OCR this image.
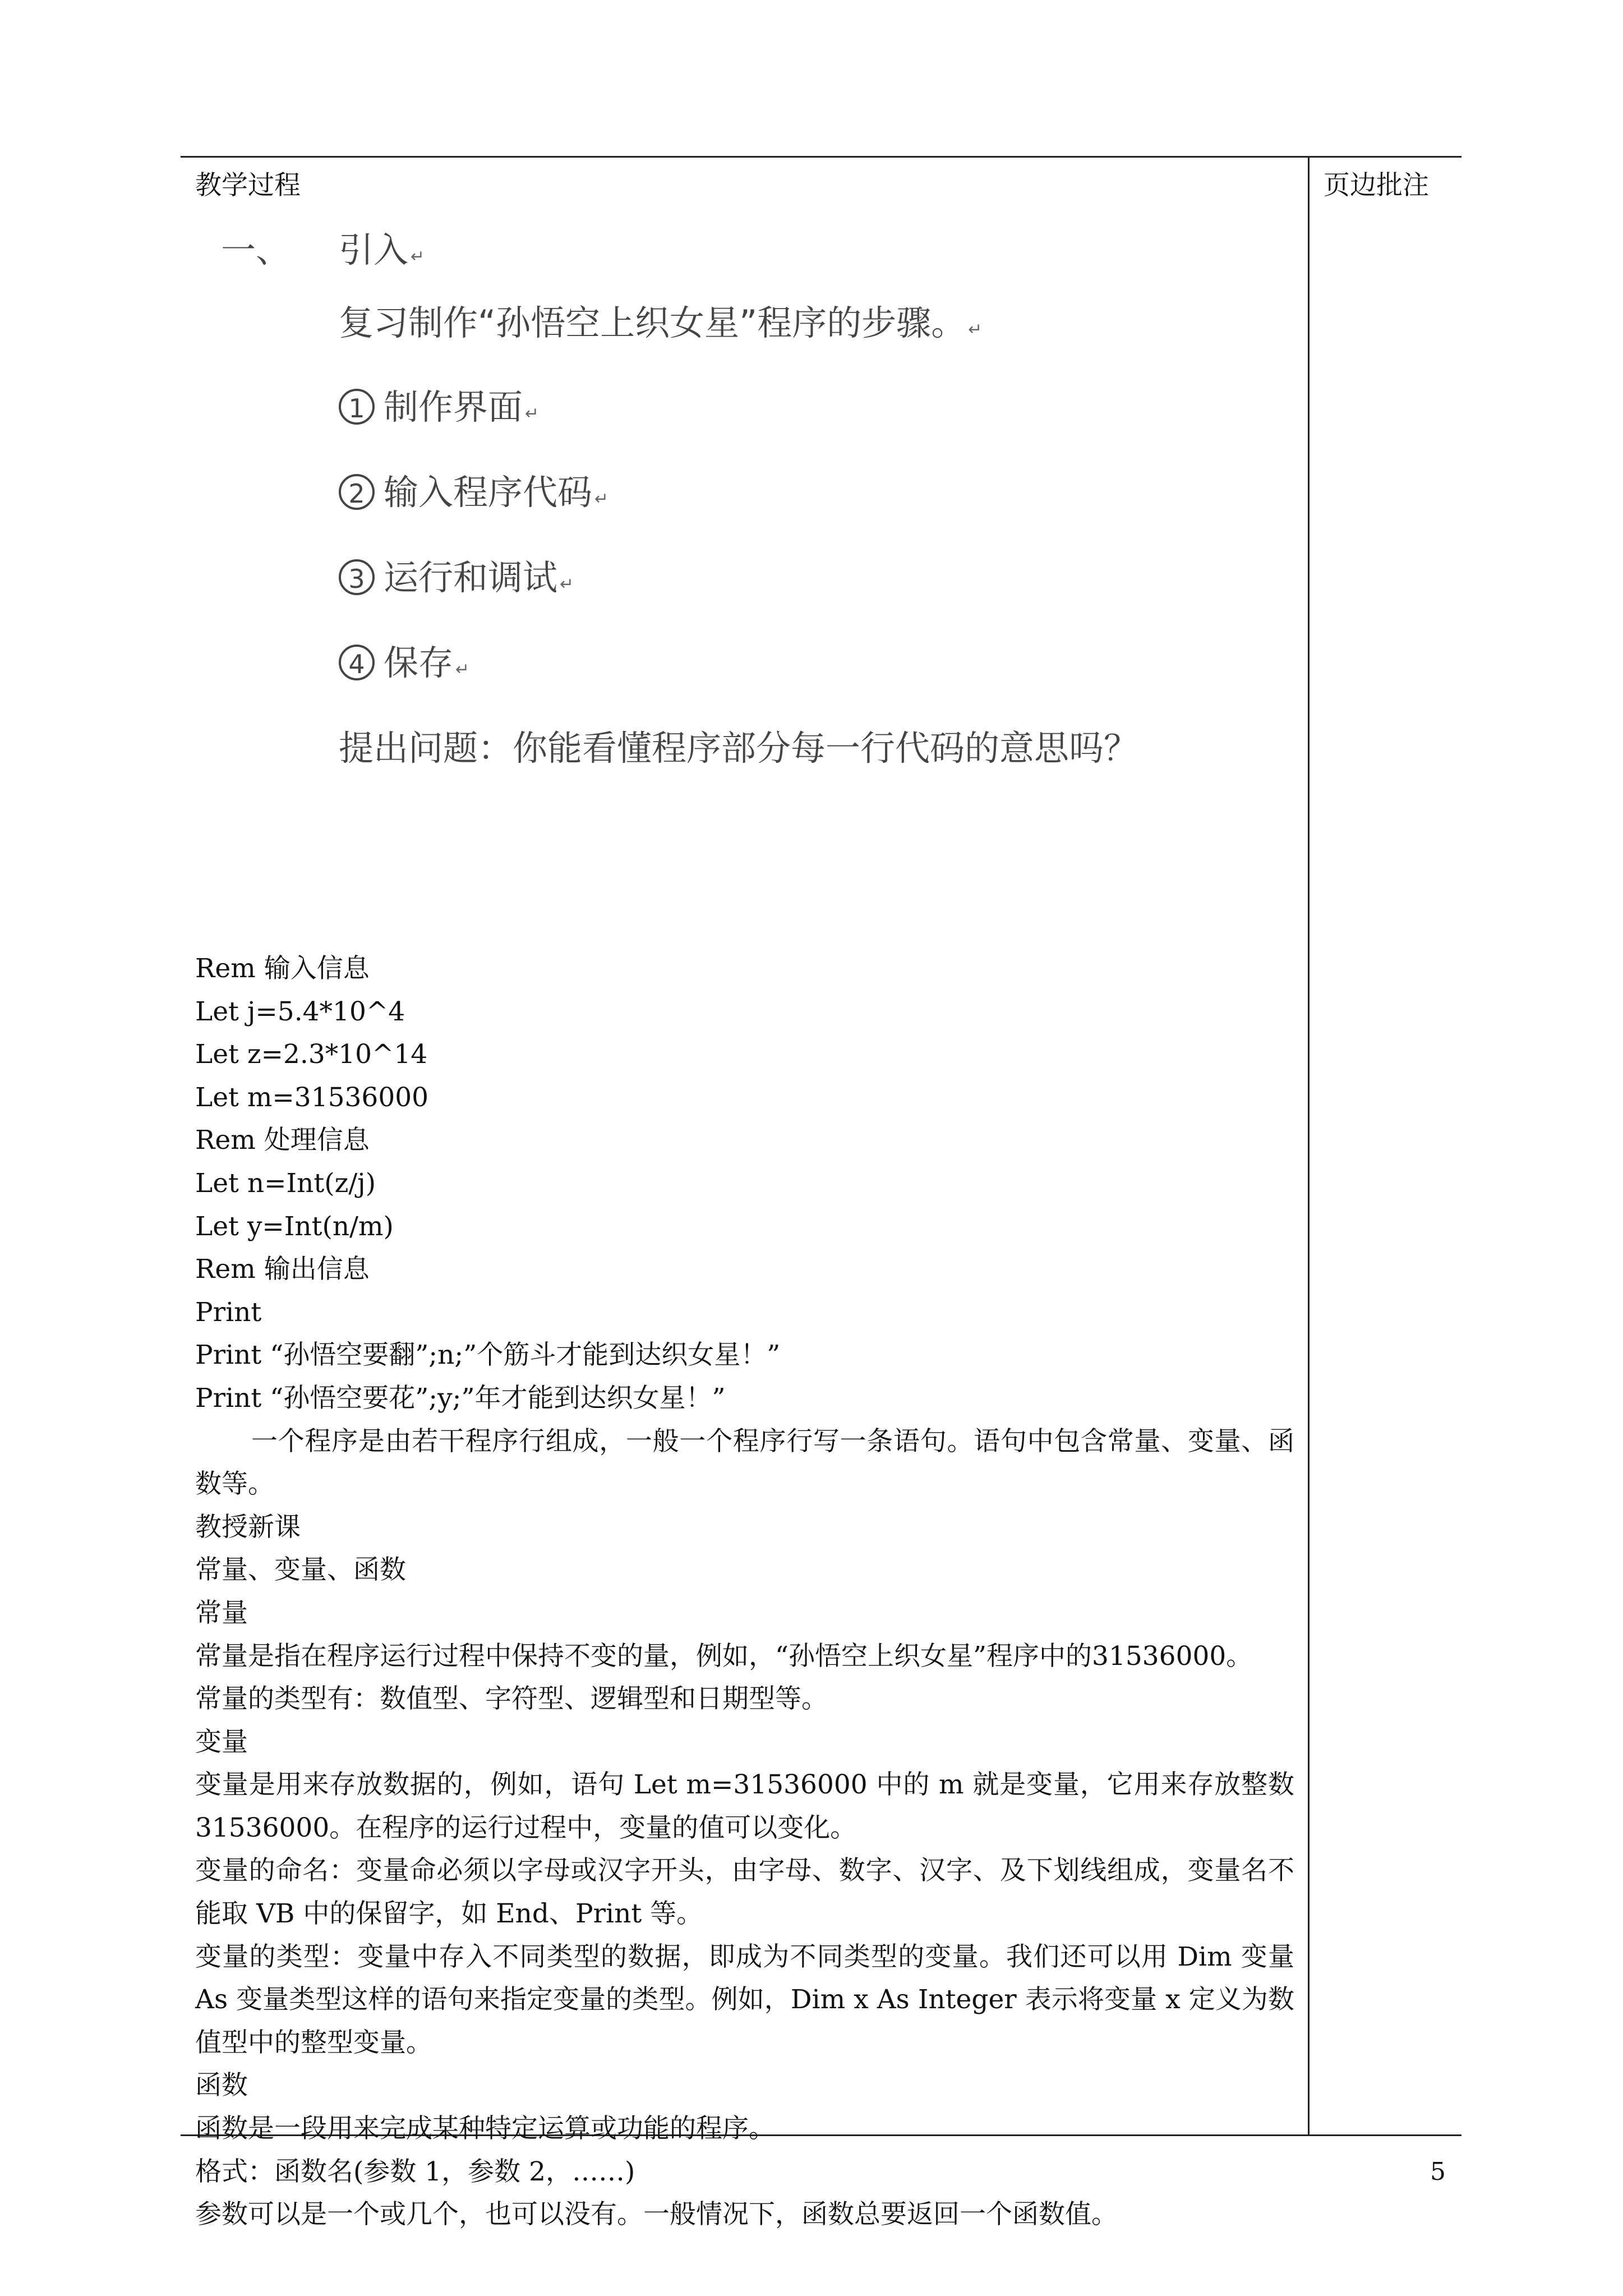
教学过程
一、 引入 ↵
复习制作“孙悟空上织女星”程序的步骤。 ↵
1 制作界面 ↵
2 输入程序代码 ↵
3 运行和调试 ↵
4 保存 ↵
提出问题：你能看懂程序部分每一行代码的意思吗？

Rem 输入信息

Let j=5.4*10^4

Let z=2.3*10^14

Let m=31536000

Rem 处理信息

Let n=Int(z/j)

Let y=Int(n/m)

Rem 输出信息

Print

Print “孙悟空要翻”;n;”个筋斗才能到达织女星！”

Print “孙悟空要花”;y;”年才能到达织女星！”

一个程序是由若干程序行组成，一般一个程序行写一条语句。语句中包含常量、变量、函数等。

教授新课

常量、变量、函数

常量

常量是指在程序运行过程中保持不变的量，例如，“孙悟空上织女星”程序中的31536000。

常量的类型有：数值型、字符型、逻辑型和日期型等。

变量

变量是用来存放数据的，例如，语句 Let m=31536000 中的 m 就是变量，它用来存放整数 31536000。在程序的运行过程中，变量的值可以变化。

变量的命名：变量命必须以字母或汉字开头，由字母、数字、汉字、及下划线组成，变量名不能取 VB 中的保留字，如 End、Print 等。

变量的类型：变量中存入不同类型的数据，即成为不同类型的变量。我们还可以用 Dim 变量 As 变量类型这样的语句来指定变量的类型。例如，Dim x As Integer 表示将变量 x 定义为数值型中的整型变量。

函数

函数是一段用来完成某种特定运算或功能的程序。

格式：函数名(参数 1，参数 2，……)

参数可以是一个或几个，也可以没有。一般情况下，函数总要返回一个函数值。

页边批注
5
